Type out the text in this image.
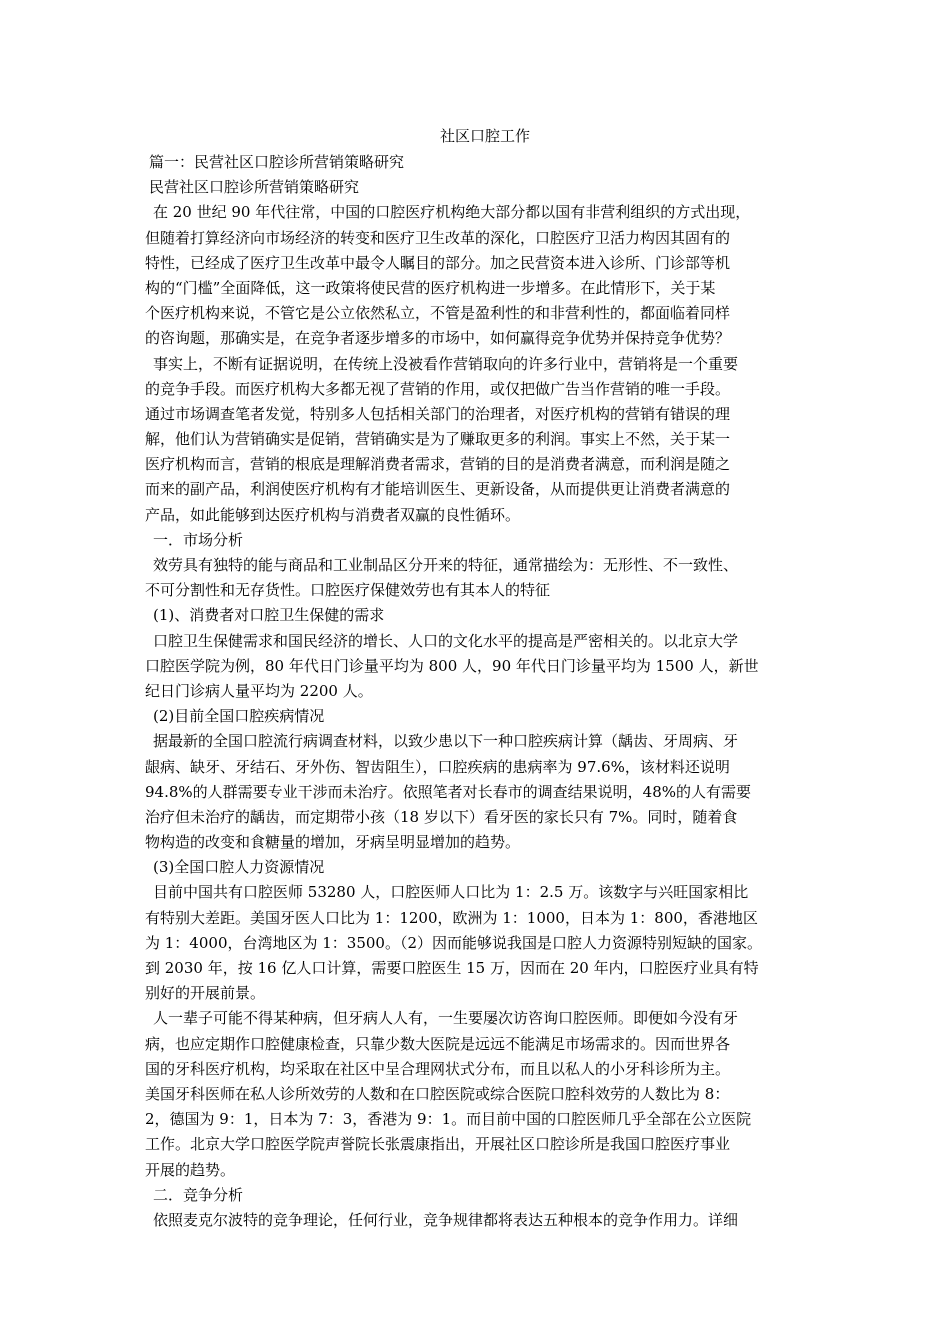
社区口腔工作
篇一：民营社区口腔诊所营销策略研究
民营社区口腔诊所营销策略研究
在 20 世纪 90 年代往常，中国的口腔医疗机构绝大部分都以国有非营利组织的方式出现，
但随着打算经济向市场经济的转变和医疗卫生改革的深化，口腔医疗卫活力构因其固有的
特性，已经成了医疗卫生改革中最令人瞩目的部分。加之民营资本进入诊所、门诊部等机
构的“门槛”全面降低，这一政策将使民营的医疗机构进一步增多。在此情形下，关于某
个医疗机构来说，不管它是公立依然私立，不管是盈利性的和非营利性的，都面临着同样
的咨询题，那确实是，在竞争者逐步增多的市场中，如何赢得竞争优势并保持竞争优势？
事实上，不断有证据说明，在传统上没被看作营销取向的许多行业中，营销将是一个重要
的竞争手段。而医疗机构大多都无视了营销的作用，或仅把做广告当作营销的唯一手段。
通过市场调查笔者发觉，特别多人包括相关部门的治理者，对医疗机构的营销有错误的理
解，他们认为营销确实是促销，营销确实是为了赚取更多的利润。事实上不然，关于某一
医疗机构而言，营销的根底是理解消费者需求，营销的目的是消费者满意，而利润是随之
而来的副产品，利润使医疗机构有才能培训医生、更新设备，从而提供更让消费者满意的
产品，如此能够到达医疗机构与消费者双赢的良性循环。
一．市场分析
效劳具有独特的能与商品和工业制品区分开来的特征，通常描绘为：无形性、不一致性、
不可分割性和无存货性。口腔医疗保健效劳也有其本人的特征
(1)、消费者对口腔卫生保健的需求
口腔卫生保健需求和国民经济的增长、人口的文化水平的提高是严密相关的。以北京大学
口腔医学院为例，80 年代日门诊量平均为 800 人，90 年代日门诊量平均为 1500 人，新世
纪日门诊病人量平均为 2200 人。
(2)目前全国口腔疾病情况
据最新的全国口腔流行病调查材料，以致少患以下一种口腔疾病计算（龋齿、牙周病、牙
龈病、缺牙、牙结石、牙外伤、智齿阻生），口腔疾病的患病率为 97.6%，该材料还说明
94.8%的人群需要专业干涉而未治疗。依照笔者对长春市的调查结果说明，48%的人有需要
治疗但未治疗的龋齿，而定期带小孩（18 岁以下）看牙医的家长只有 7%。同时，随着食
物构造的改变和食糖量的增加，牙病呈明显增加的趋势。
(3)全国口腔人力资源情况
目前中国共有口腔医师 53280 人，口腔医师人口比为 1：2.5 万。该数字与兴旺国家相比
有特别大差距。美国牙医人口比为 1：1200，欧洲为 1：1000，日本为 1：800，香港地区
为 1：4000，台湾地区为 1：3500。（2）因而能够说我国是口腔人力资源特别短缺的国家。
到 2030 年，按 16 亿人口计算，需要口腔医生 15 万，因而在 20 年内，口腔医疗业具有特
别好的开展前景。
人一辈子可能不得某种病，但牙病人人有，一生要屡次访咨询口腔医师。即便如今没有牙
病，也应定期作口腔健康检查，只靠少数大医院是远远不能满足市场需求的。因而世界各
国的牙科医疗机构，均采取在社区中呈合理网状式分布，而且以私人的小牙科诊所为主。
美国牙科医师在私人诊所效劳的人数和在口腔医院或综合医院口腔科效劳的人数比为 8：
2，德国为 9：1，日本为 7：3，香港为 9：1。而目前中国的口腔医师几乎全部在公立医院
工作。北京大学口腔医学院声誉院长张震康指出，开展社区口腔诊所是我国口腔医疗事业
开展的趋势。
二．竞争分析
依照麦克尔波特的竞争理论，任何行业，竞争规律都将表达五种根本的竞争作用力。详细
